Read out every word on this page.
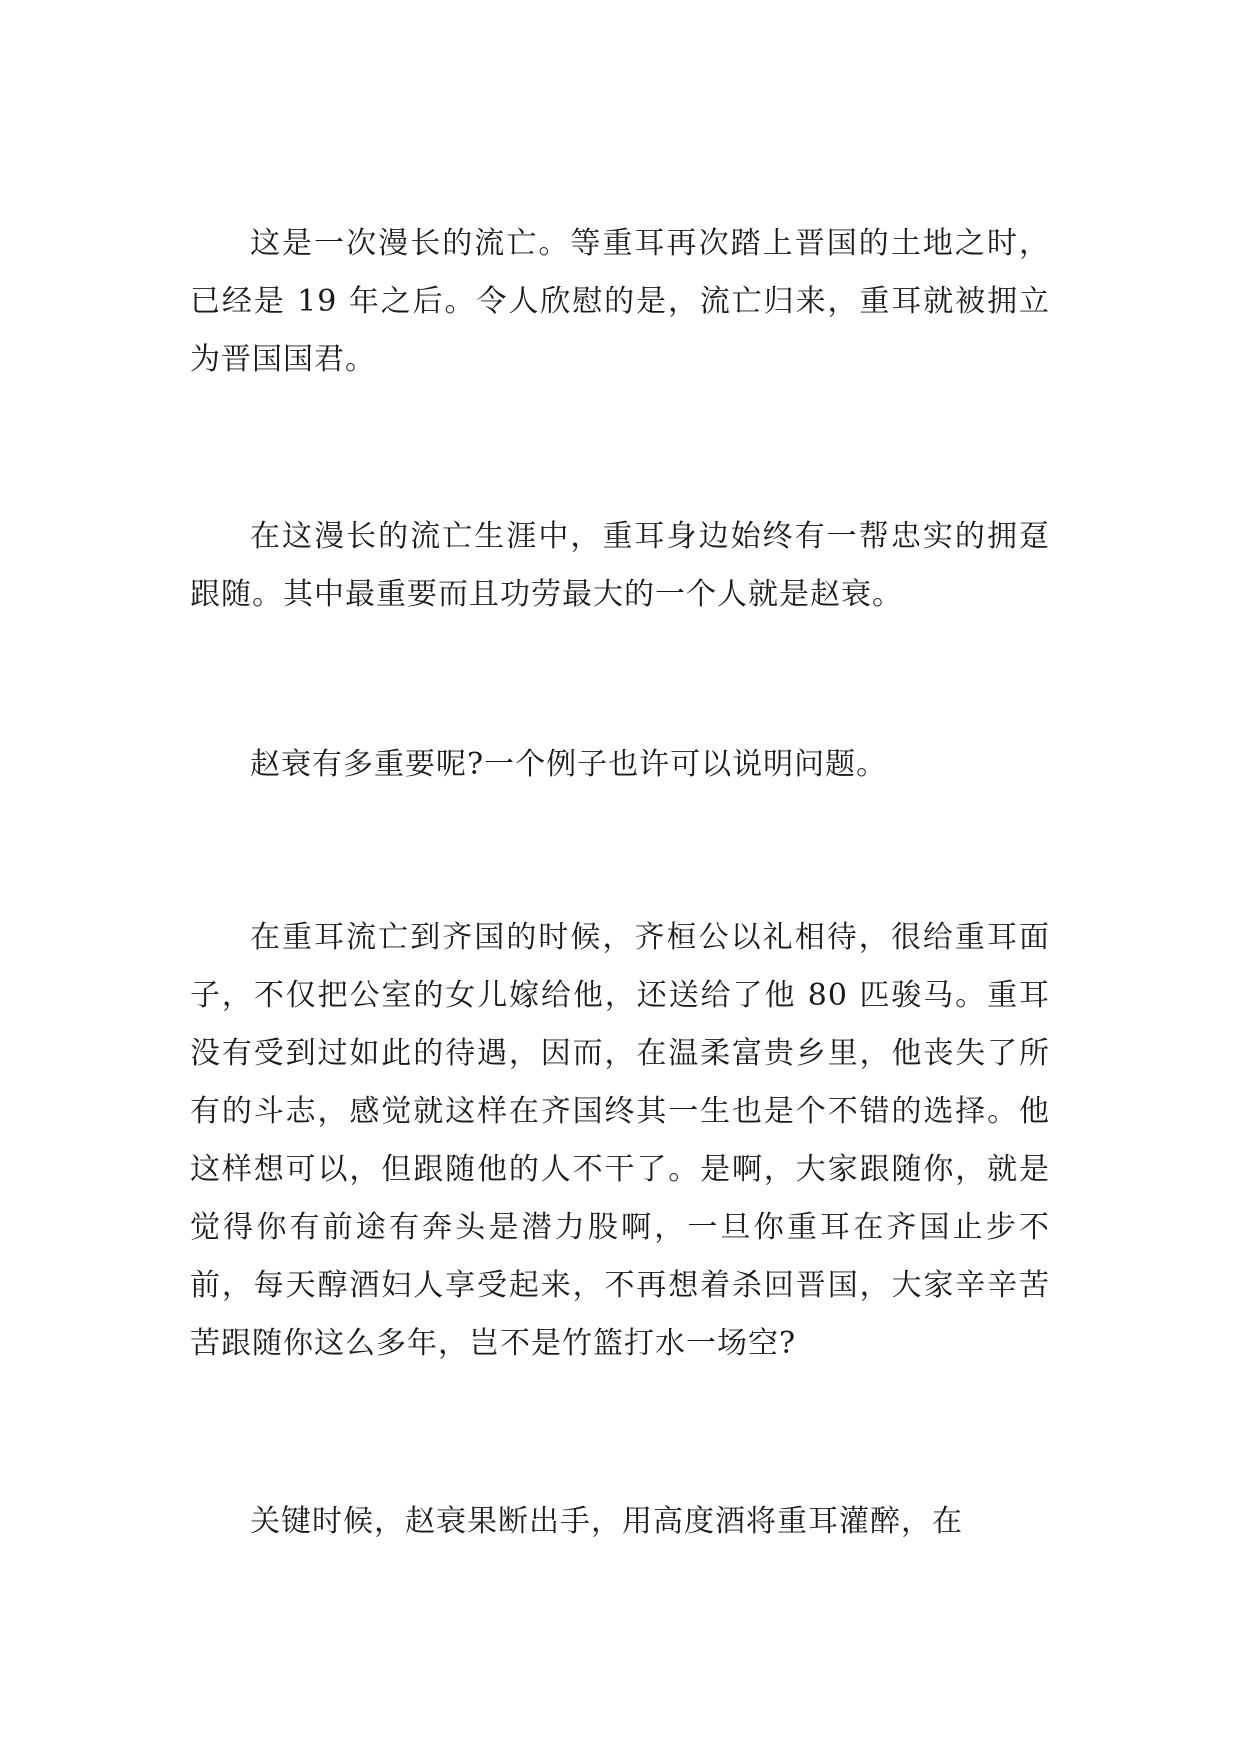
这是一次漫长的流亡。等重耳再次踏上晋国的土地之时，已经是 19 年之后。令人欣慰的是，流亡归来，重耳就被拥立为晋国国君。

在这漫长的流亡生涯中，重耳身边始终有一帮忠实的拥趸跟随。其中最重要而且功劳最大的一个人就是赵衰。

赵衰有多重要呢?一个例子也许可以说明问题。

在重耳流亡到齐国的时候，齐桓公以礼相待，很给重耳面子，不仅把公室的女儿嫁给他，还送给了他 80 匹骏马。重耳没有受到过如此的待遇，因而，在温柔富贵乡里，他丧失了所有的斗志，感觉就这样在齐国终其一生也是个不错的选择。他这样想可以，但跟随他的人不干了。是啊，大家跟随你，就是觉得你有前途有奔头是潜力股啊，一旦你重耳在齐国止步不前，每天醇酒妇人享受起来，不再想着杀回晋国，大家辛辛苦苦跟随你这么多年，岂不是竹篮打水一场空?

关键时候，赵衰果断出手，用高度酒将重耳灌醉，在
